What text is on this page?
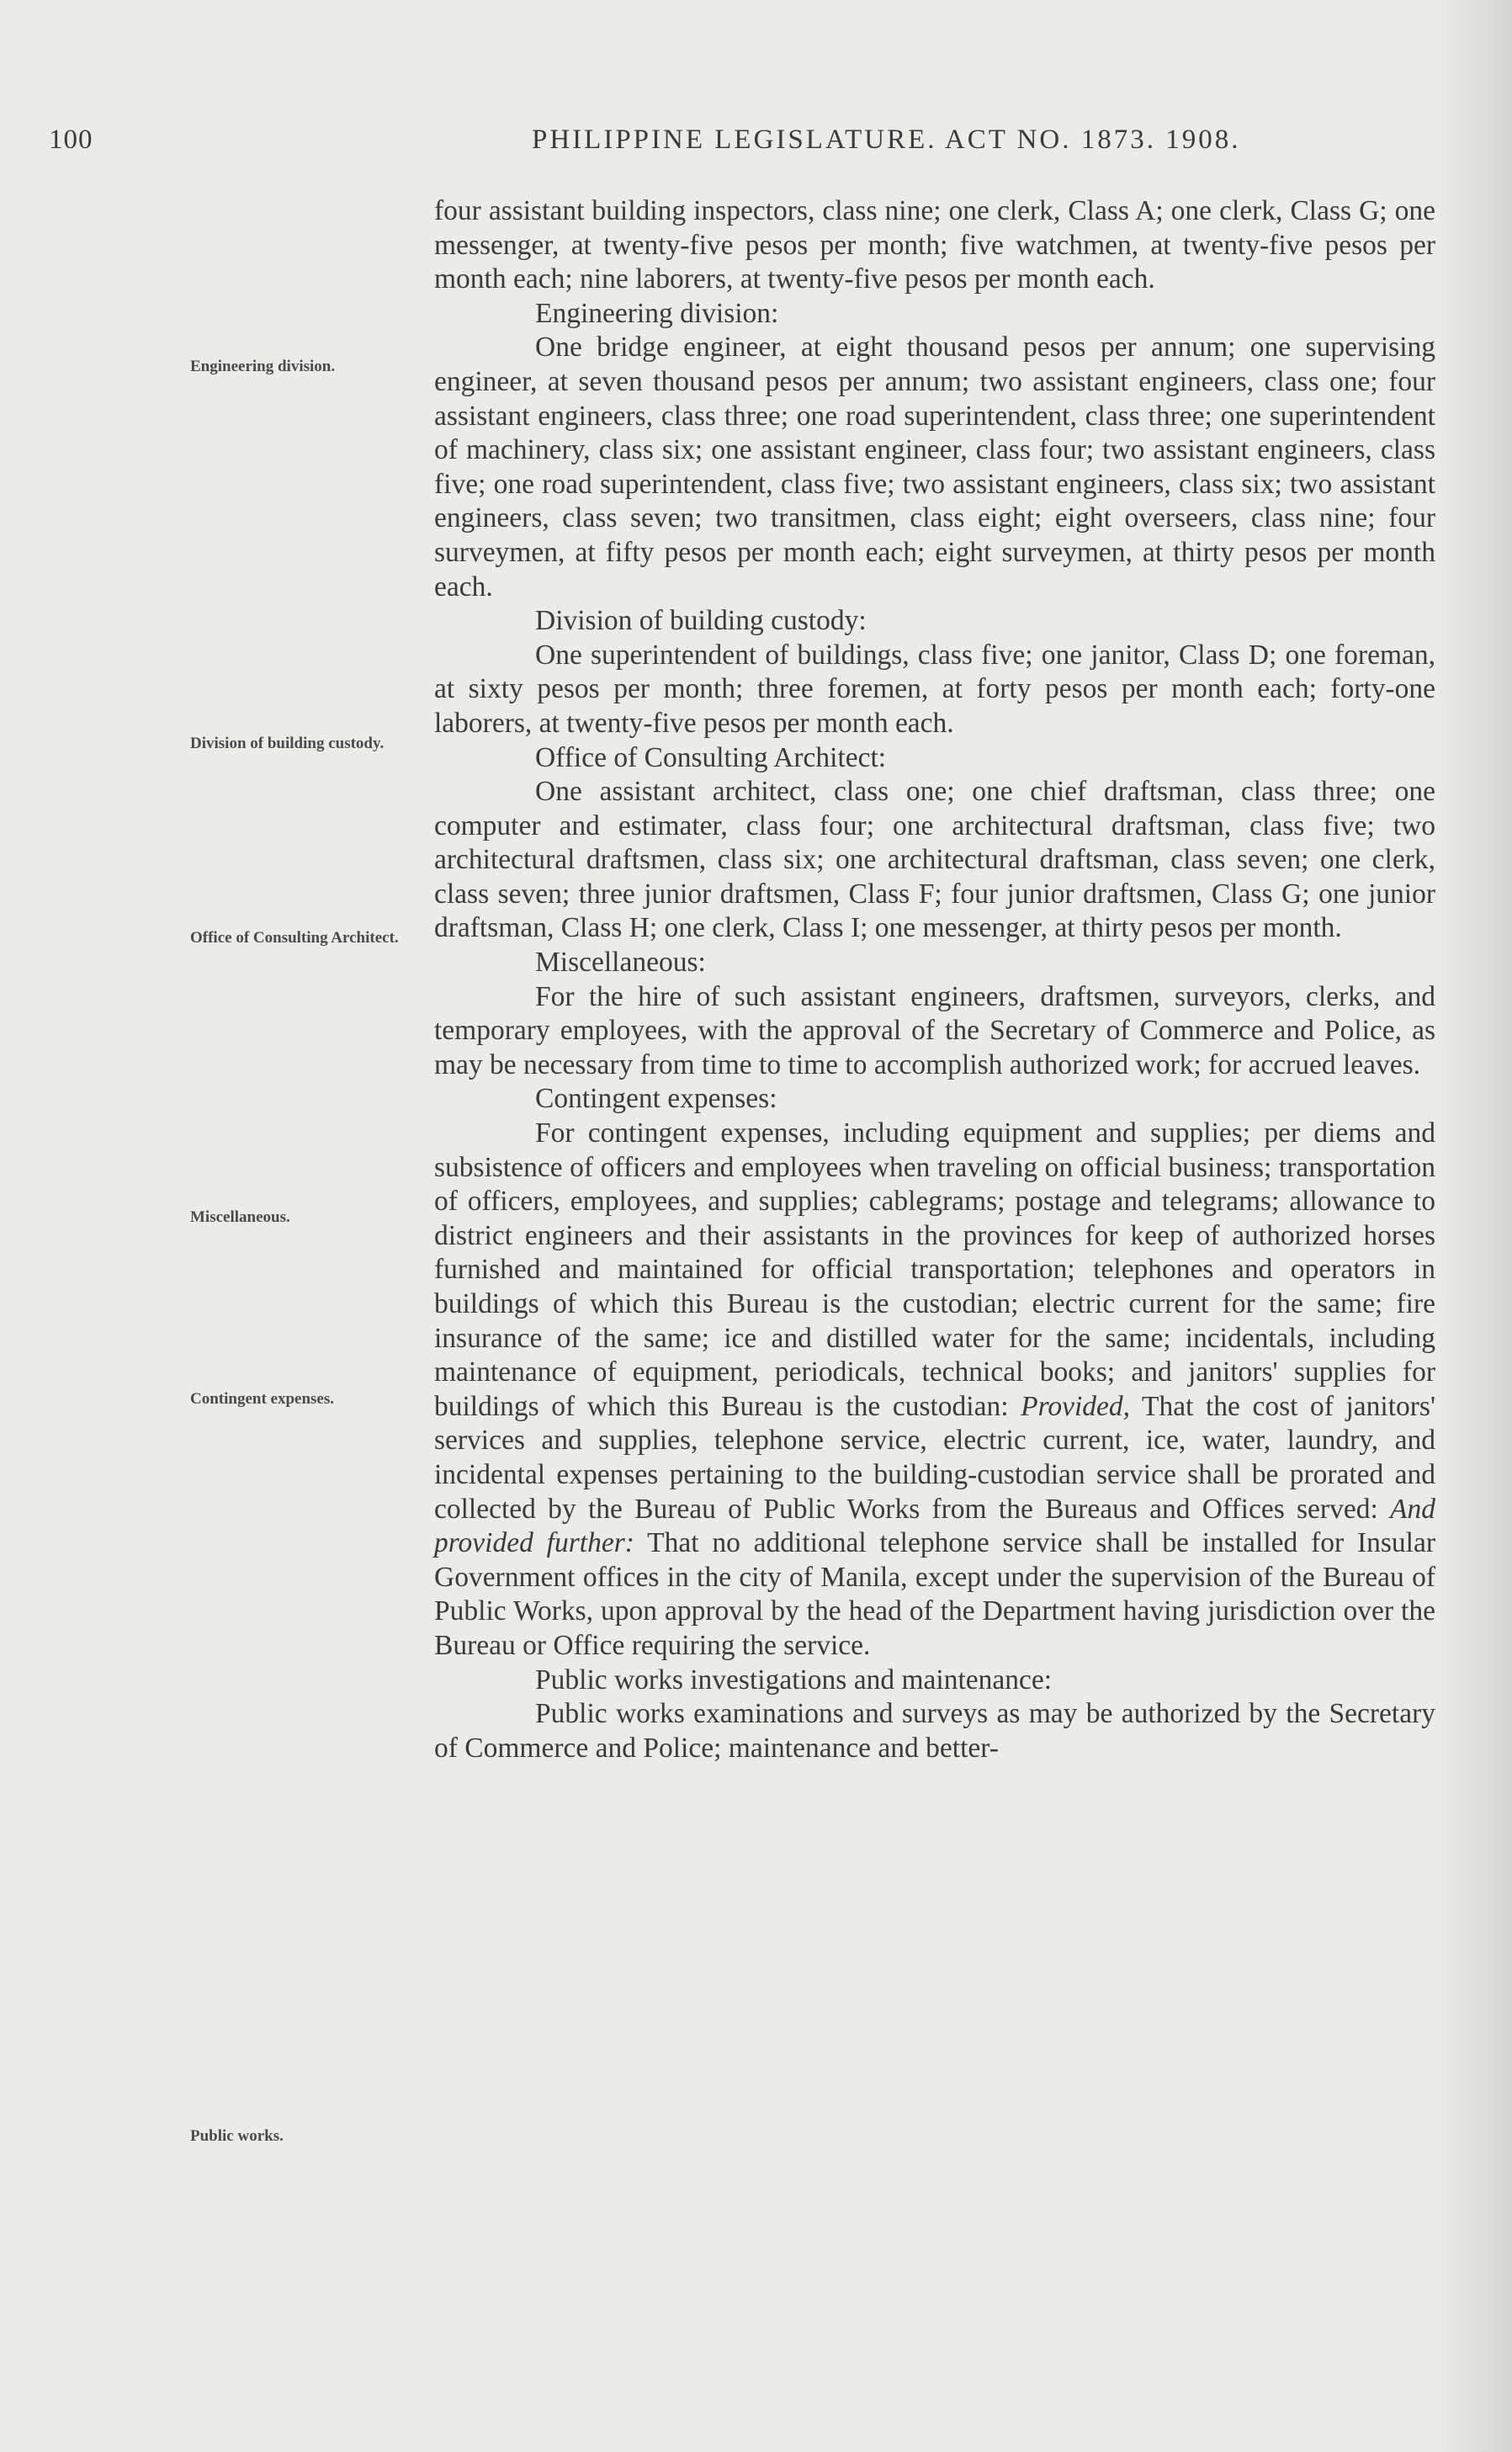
100	PHILIPPINE LEGISLATURE. ACT NO. 1873. 1908.
Engineering division.
Division of building custody.
Office of Consulting Architect.
Miscellaneous.
Contingent expenses.
Public works.

four assistant building inspectors, class nine; one clerk, Class A; one clerk, Class G; one messenger, at twenty-five pesos per month; five watchmen, at twenty-five pesos per month each; nine laborers, at twenty-five pesos per month each.

Engineering division:

One bridge engineer, at eight thousand pesos per annum; one supervising engineer, at seven thousand pesos per annum; two assistant engineers, class one; four assistant engineers, class three; one road superintendent, class three; one superintendent of machinery, class six; one assistant engineer, class four; two assistant engineers, class five; one road superintendent, class five; two assistant engineers, class six; two assistant engineers, class seven; two transitmen, class eight; eight overseers, class nine; four surveymen, at fifty pesos per month each; eight surveymen, at thirty pesos per month each.

Division of building custody:

One superintendent of buildings, class five; one janitor, Class D; one foreman, at sixty pesos per month; three foremen, at forty pesos per month each; forty-one laborers, at twenty-five pesos per month each.

Office of Consulting Architect:

One assistant architect, class one; one chief draftsman, class three; one computer and estimater, class four; one architectural draftsman, class five; two architectural draftsmen, class six; one architectural draftsman, class seven; one clerk, class seven; three junior draftsmen, Class F; four junior draftsmen, Class G; one junior draftsman, Class H; one clerk, Class I; one messenger, at thirty pesos per month.

Miscellaneous:

For the hire of such assistant engineers, draftsmen, surveyors, clerks, and temporary employees, with the approval of the Secretary of Commerce and Police, as may be necessary from time to time to accomplish authorized work; for accrued leaves.

Contingent expenses:

For contingent expenses, including equipment and supplies; per diems and subsistence of officers and employees when traveling on official business; transportation of officers, employees, and supplies; cablegrams; postage and telegrams; allowance to district engineers and their assistants in the provinces for keep of authorized horses furnished and maintained for official transportation; telephones and operators in buildings of which this Bureau is the custodian; electric current for the same; fire insurance of the same; ice and distilled water for the same; incidentals, including maintenance of equipment, periodicals, technical books; and janitors' supplies for buildings of which this Bureau is the custodian: Provided, That the cost of janitors' services and supplies, telephone service, electric current, ice, water, laundry, and incidental expenses pertaining to the building-custodian service shall be prorated and collected by the Bureau of Public Works from the Bureaus and Offices served: And provided further: That no additional telephone service shall be installed for Insular Government offices in the city of Manila, except under the supervision of the Bureau of Public Works, upon approval by the head of the Department having jurisdiction over the Bureau or Office requiring the service.

Public works investigations and maintenance:

Public works examinations and surveys as may be authorized by the Secretary of Commerce and Police; maintenance and better-
